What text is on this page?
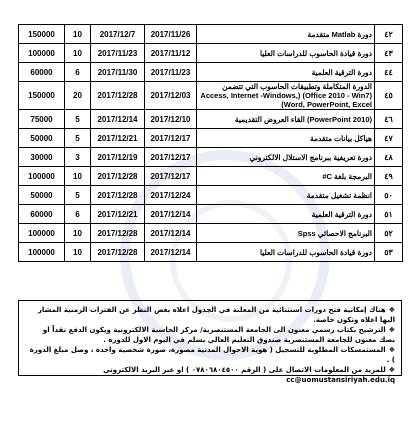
150000	10	2017/12/7	2017/11/26	دورة Matlab متقدمة	٤٢
100000	10	2017/11/23	2017/11/12	دورة قيادة الحاسوب للدراسات العليا	٤٣
60000	6	2017/11/30	2017/11/23	دورة الترقية العلمية	٤٤
150000	20	2017/12/28	2017/12/03	الدورة المتكاملة وتطبيقات الحاسوب التي تتضمن (Office 2010 - Win7) (Access, Internet -Windows, Word, PowerPoint, Excel)	٤٥
75000	5	2017/12/14	2017/12/10	(PowerPoint 2010) القاء العروض التقديمية	٤٦
50000	5	2017/12/21	2017/12/17	هياكل بيانات متقدمة	٤٧
30000	3	2017/12/19	2017/12/17	دورة تعريفية ببرنامج الاستلال الالكتروني	٤٨
100000	10	2017/12/28	2017/12/17	البرمجة بلغة C#	٤٩
50000	5	2017/12/28	2017/12/24	انظمة تشغيل متقدمة	٥٠
60000	6	2017/12/21	2017/12/14	دورة الترقية العلمية	٥١
100000	10	2017/12/28	2017/12/14	البرنامج الاحصائي Spss	٥٢
100000	10	2017/12/28	2017/12/14	دورة قيادة الحاسوب للدراسات العليا	٥٣

❖هناك إمكانية فتح دورات استثنائية من المعلنة في الجدول اعلاه بغض النظر عن الفترات الزمنية المشار اليها اعلاه وتكون خاصة.

❖الترشيح بكتاب رسمي معنون الى الجامعة المستنصرية/ مركز الحاسبة الالكترونية ويكون الدفع نقداً او بصك معنون للجامعة المستنصرية صندوق التعليم العالي بسلم في اليوم الاول للدورة .

❖المستمسكات المطلوبة للتسجيل ( هوية الاحوال المدنية مصورة، صورة شخصية واحدة ، وصل مبلغ الدورة ) .

❖للمزيد من المعلومات الاتصال على ( الرقم ٠٧٨٠٦٨٠٤٥٠٠ ) او عبر البريد الالكتروني cc@uomustansiriyah.edu.iq
